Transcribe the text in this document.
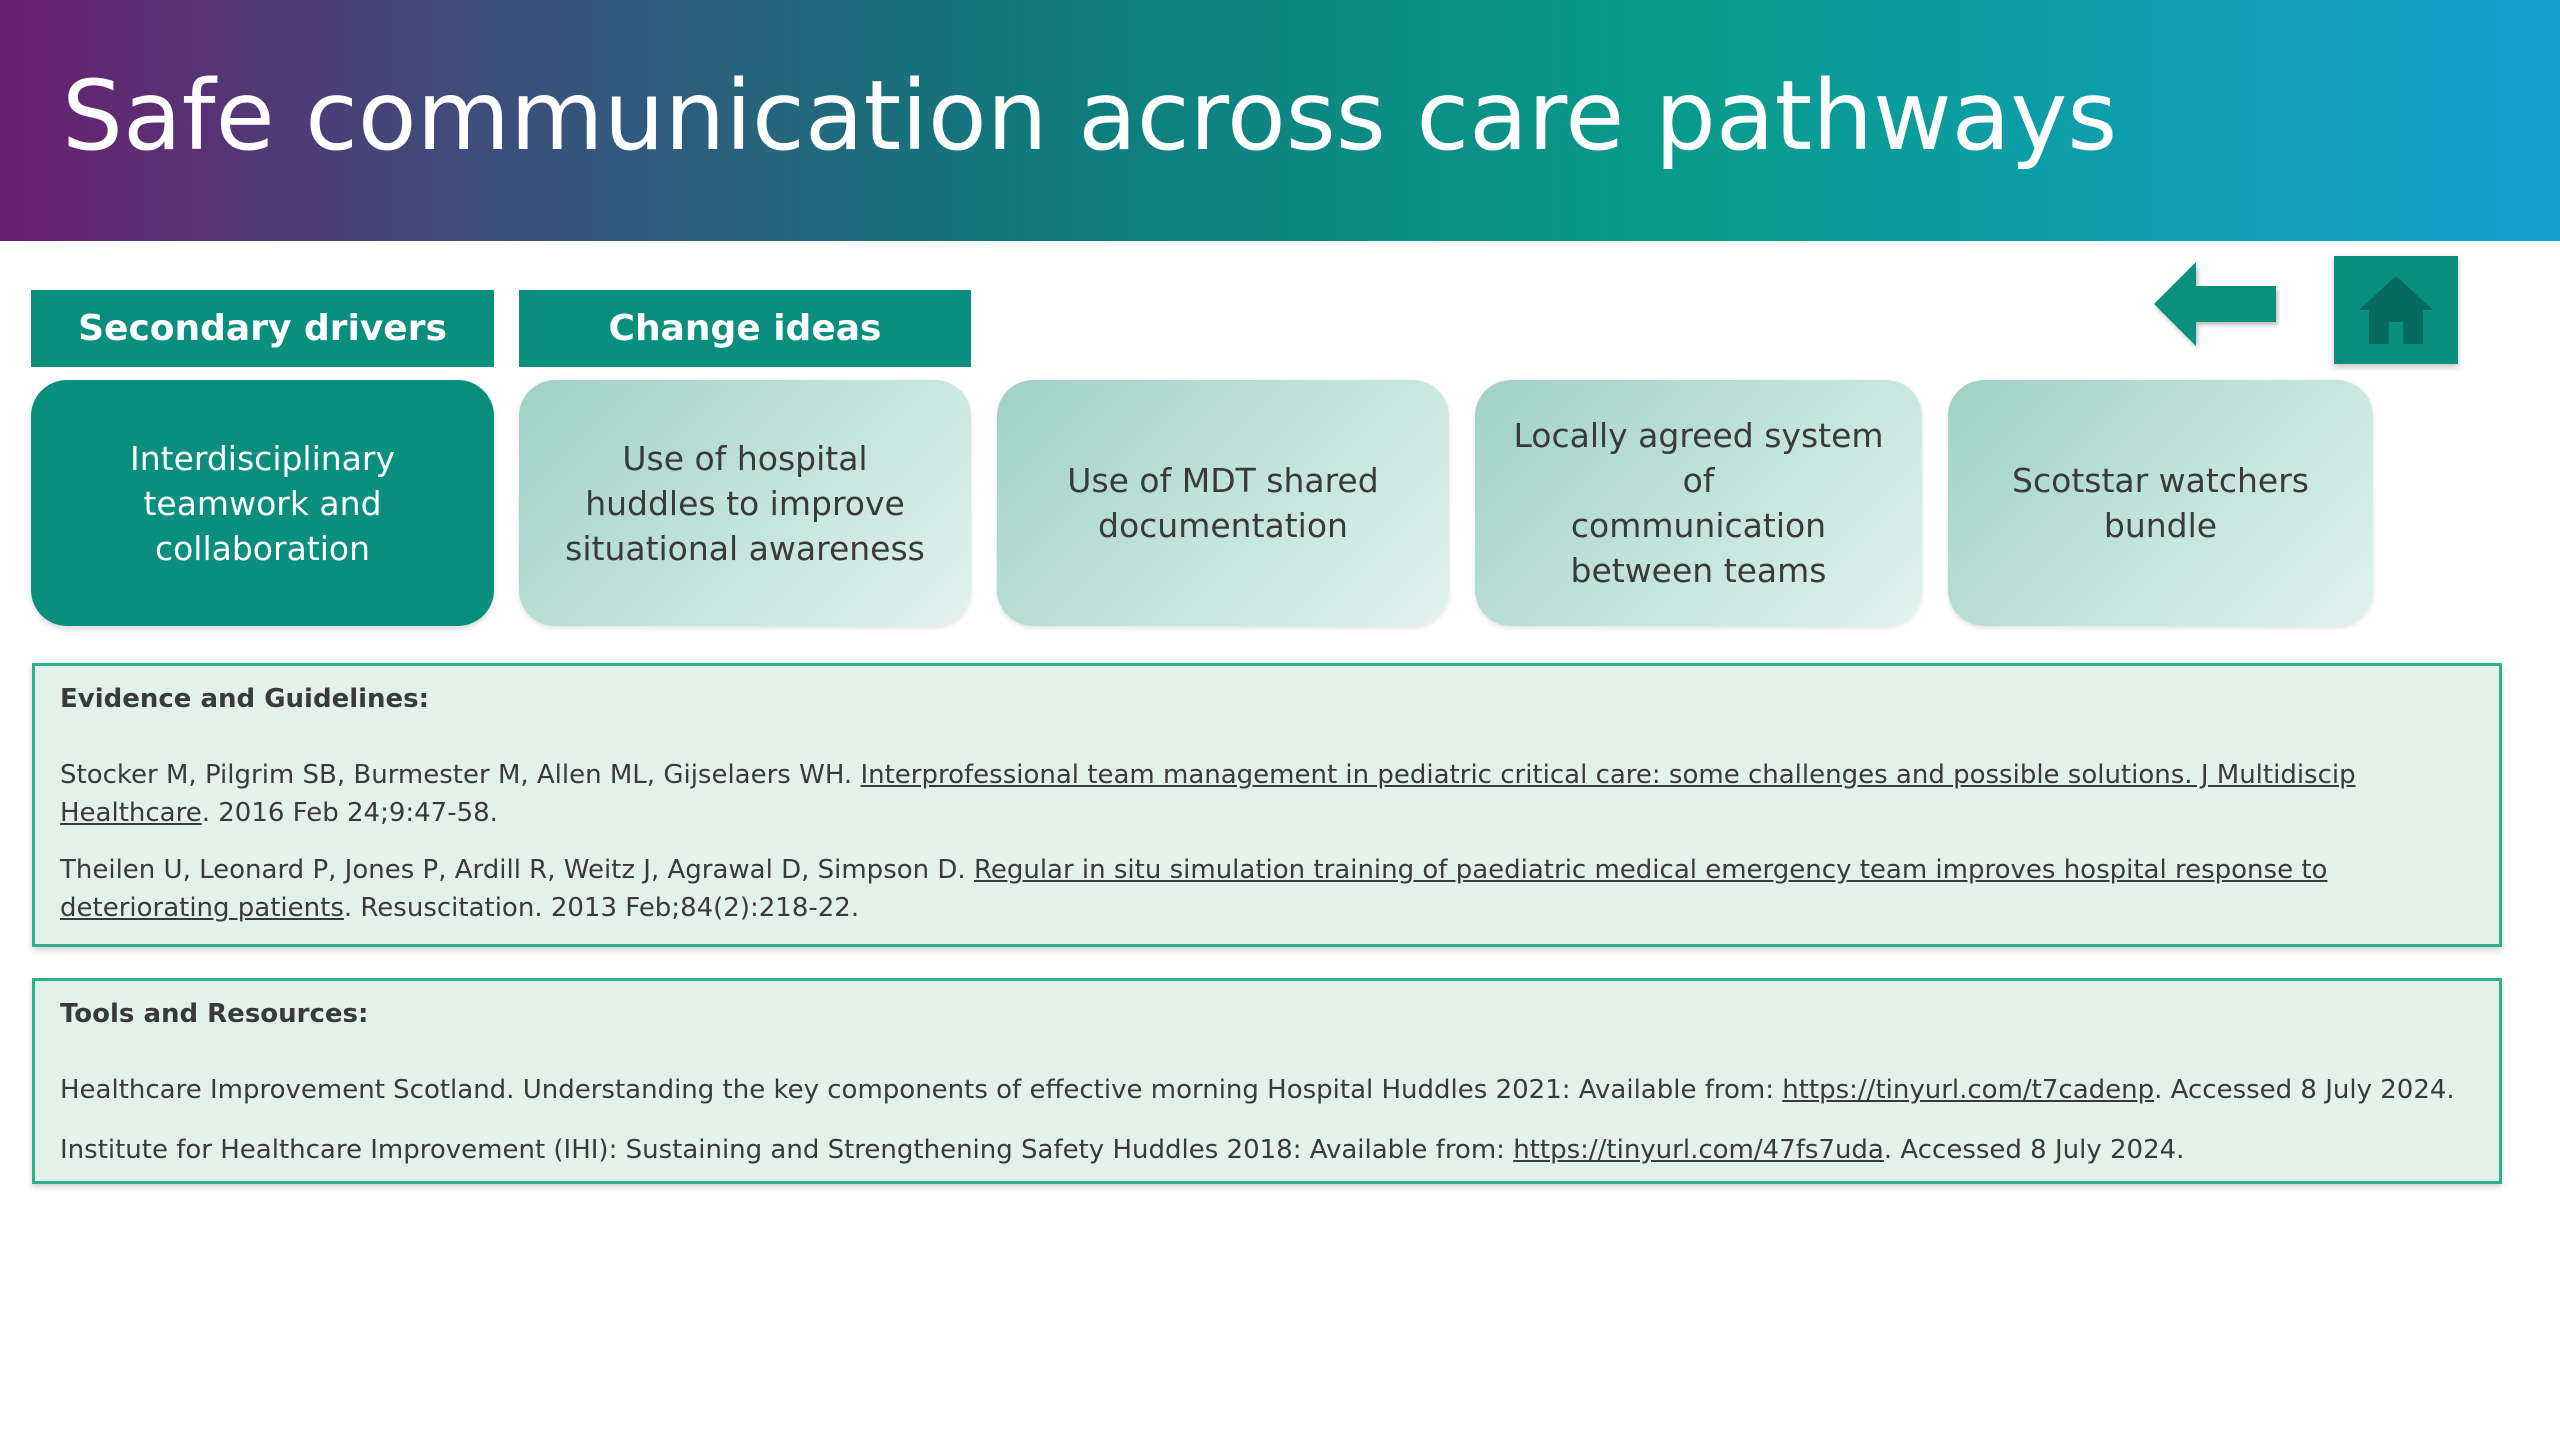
Safe communication across care pathways
Secondary drivers	Change ideas
Interdisciplinary
teamwork and
collaboration
Use of hospital
huddles to improve
situational awareness
Use of MDT shared
documentation
Locally agreed system of
communication
between teams
Scotstar watchers
bundle
Evidence and Guidelines:
Stocker M, Pilgrim SB, Burmester M, Allen ML, Gijselaers WH. Interprofessional team management in pediatric critical care: some challenges and possible solutions. J Multidiscip Healthcare. 2016 Feb 24;9:47-58.
Theilen U, Leonard P, Jones P, Ardill R, Weitz J, Agrawal D, Simpson D. Regular in situ simulation training of paediatric medical emergency team improves hospital response to deteriorating patients. Resuscitation. 2013 Feb;84(2):218-22.
Tools and Resources:
Healthcare Improvement Scotland. Understanding the key components of effective morning Hospital Huddles 2021: Available from: https://tinyurl.com/t7cadenp. Accessed 8 July 2024.
Institute for Healthcare Improvement (IHI): Sustaining and Strengthening Safety Huddles 2018: Available from: https://tinyurl.com/47fs7uda. Accessed 8 July 2024.
